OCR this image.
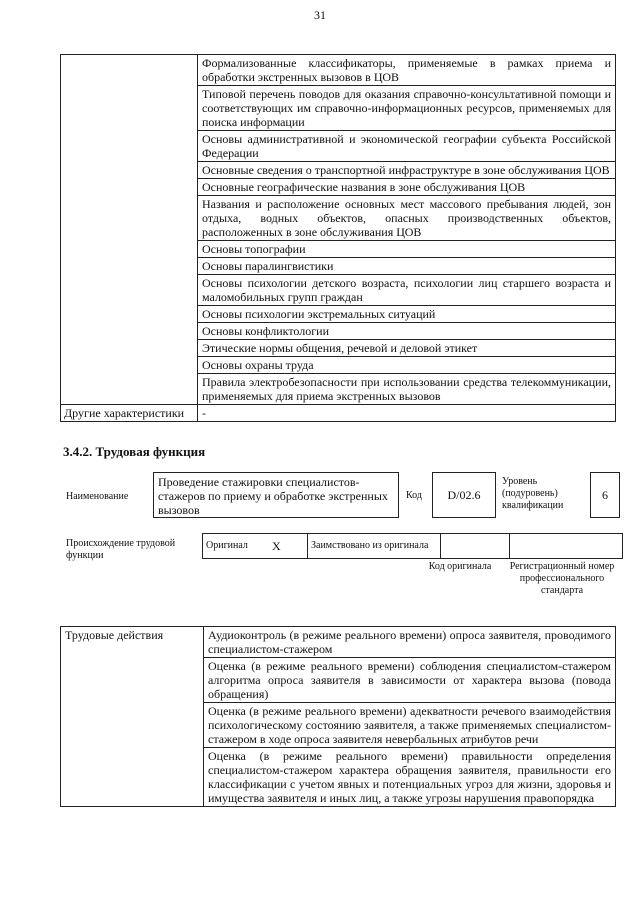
31
	Формализованные классификаторы, применяемые в рамках приема и обработки экстренных вызовов в ЦОВ
	Типовой перечень поводов для оказания справочно-консультативной помощи и соответствующих им справочно-информационных ресурсов, применяемых для поиска информации
	Основы административной и экономической географии субъекта Российской Федерации
	Основные сведения о транспортной инфраструктуре в зоне обслуживания ЦОВ
	Основные географические названия в зоне обслуживания ЦОВ
	Названия и расположение основных мест массового пребывания людей, зон отдыха, водных объектов, опасных производственных объектов, расположенных в зоне обслуживания ЦОВ
	Основы топографии
	Основы паралингвистики
	Основы психологии детского возраста, психологии лиц старшего возраста и маломобильных групп граждан
	Основы психологии экстремальных ситуаций
	Основы конфликтологии
	Этические нормы общения, речевой и деловой этикет
	Основы охраны труда
	Правила электробезопасности при использовании средства телекоммуникации, применяемых для приема экстренных вызовов
Другие характеристики	-
3.4.2. Трудовая функция
Наименование
Проведение стажировки специалистов-стажеров по приему и обработке экстренных вызовов
Код	D/02.6
Уровень (подуровень) квалификации
6
Происхождение трудовой функции
Оригинал	X	Заимствовано из оригинала		
Код оригинала	Регистрационный номер профессионального стандарта
Трудовые действия	Аудиоконтроль (в режиме реального времени) опроса заявителя, проводимого специалистом-стажером
Оценка (в режиме реального времени) соблюдения специалистом-стажером алгоритма опроса заявителя в зависимости от характера вызова (повода обращения)
Оценка (в режиме реального времени) адекватности речевого взаимодействия психологическому состоянию заявителя, а также применяемых специалистом-стажером в ходе опроса заявителя невербальных атрибутов речи
Оценка (в режиме реального времени) правильности определения специалистом-стажером характера обращения заявителя, правильности его классификации с учетом явных и потенциальных угроз для жизни, здоровья и имущества заявителя и иных лиц, а также угрозы нарушения правопорядка
